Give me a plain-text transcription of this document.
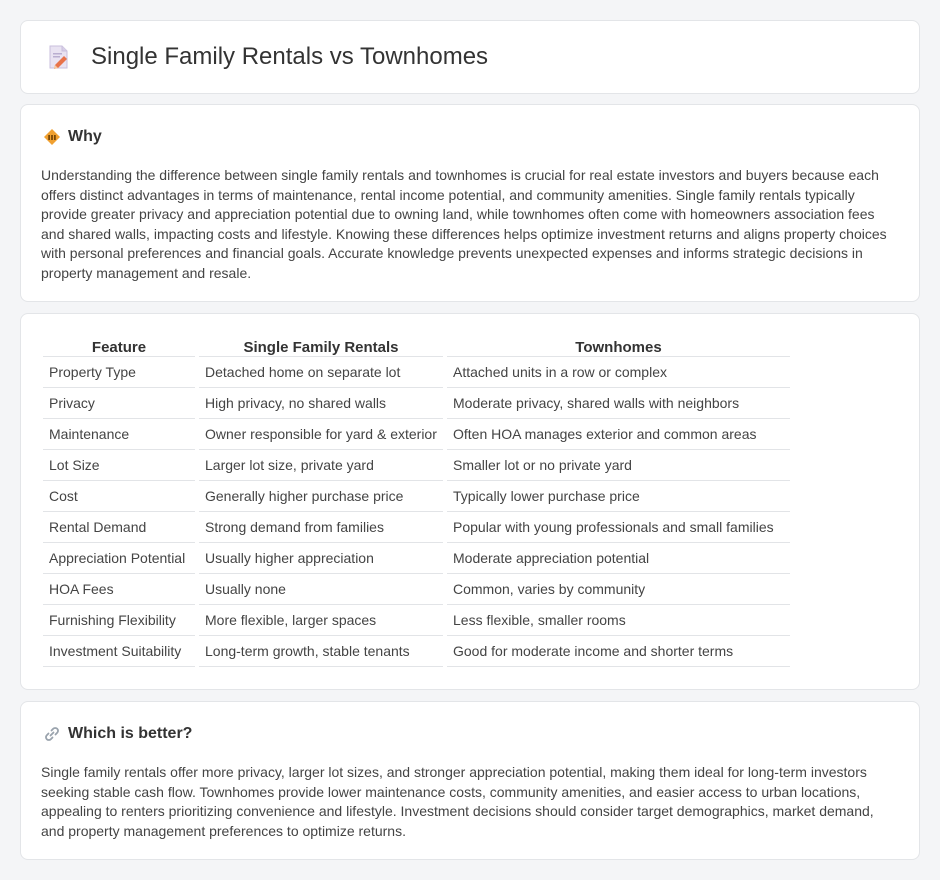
Single Family Rentals vs Townhomes
Why

Understanding the difference between single family rentals and townhomes is crucial for real estate investors and buyers because each offers distinct advantages in terms of maintenance, rental income potential, and community amenities. Single family rentals typically provide greater privacy and appreciation potential due to owning land, while townhomes often come with homeowners association fees and shared walls, impacting costs and lifestyle. Knowing these differences helps optimize investment returns and aligns property choices with personal preferences and financial goals. Accurate knowledge prevents unexpected expenses and informs strategic decisions in property management and resale.

Feature	Single Family Rentals	Townhomes
Property Type	Detached home on separate lot	Attached units in a row or complex
Privacy	High privacy, no shared walls	Moderate privacy, shared walls with neighbors
Maintenance	Owner responsible for yard & exterior	Often HOA manages exterior and common areas
Lot Size	Larger lot size, private yard	Smaller lot or no private yard
Cost	Generally higher purchase price	Typically lower purchase price
Rental Demand	Strong demand from families	Popular with young professionals and small families
Appreciation Potential	Usually higher appreciation	Moderate appreciation potential
HOA Fees	Usually none	Common, varies by community
Furnishing Flexibility	More flexible, larger spaces	Less flexible, smaller rooms
Investment Suitability	Long-term growth, stable tenants	Good for moderate income and shorter terms
Which is better?

Single family rentals offer more privacy, larger lot sizes, and stronger appreciation potential, making them ideal for long-term investors seeking stable cash flow. Townhomes provide lower maintenance costs, community amenities, and easier access to urban locations, appealing to renters prioritizing convenience and lifestyle. Investment decisions should consider target demographics, market demand, and property management preferences to optimize returns.
